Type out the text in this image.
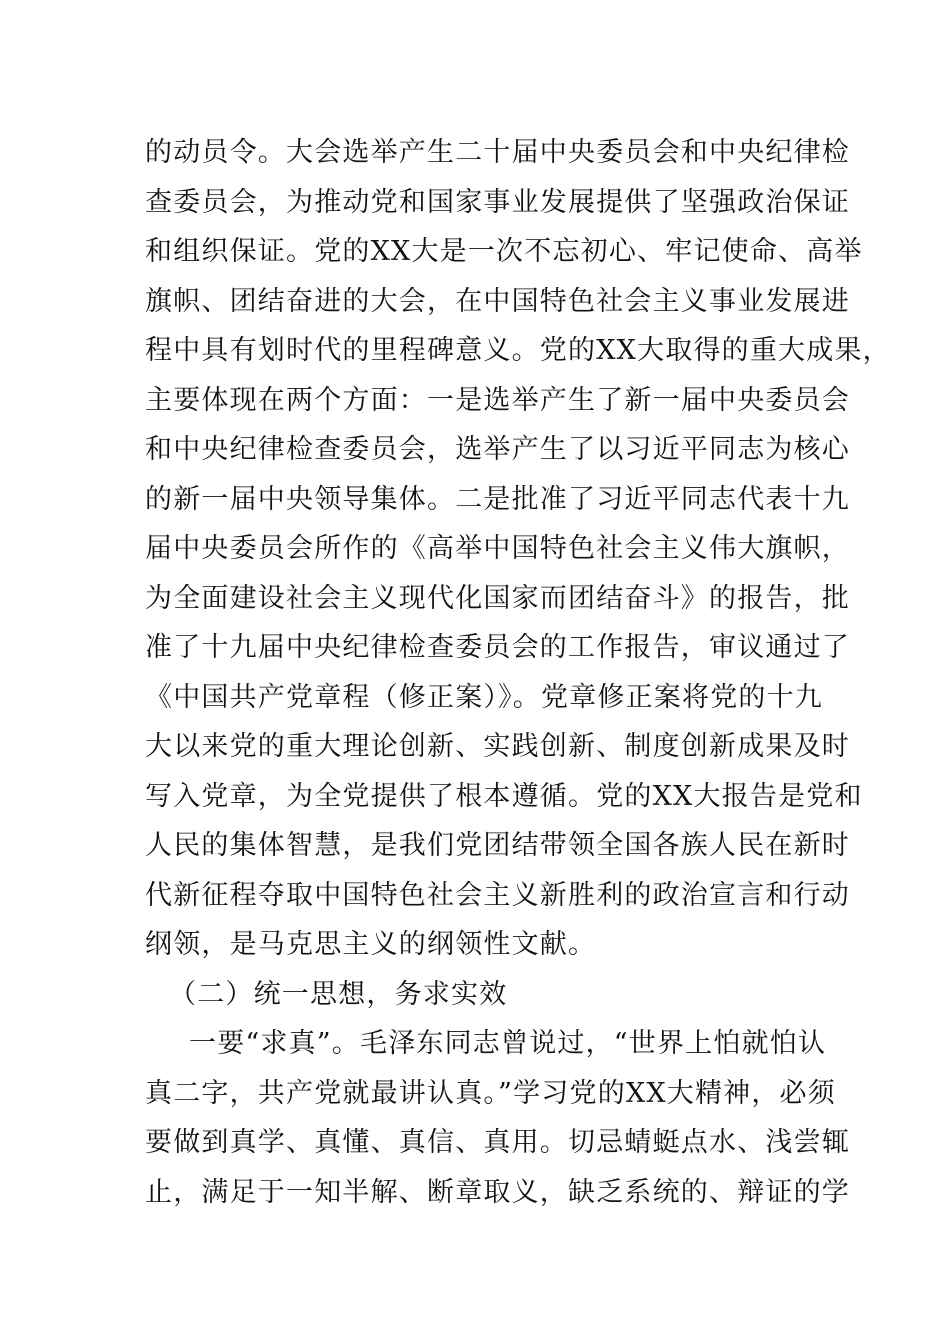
的动员令。大会选举产生二十届中央委员会和中央纪律检
查委员会，为推动党和国家事业发展提供了坚强政治保证
和组织保证。党的XX大是一次不忘初心、牢记使命、高举
旗帜、团结奋进的大会，在中国特色社会主义事业发展进
程中具有划时代的里程碑意义。党的XX大取得的重大成果，
主要体现在两个方面：一是选举产生了新一届中央委员会
和中央纪律检查委员会，选举产生了以习近平同志为核心
的新一届中央领导集体。二是批准了习近平同志代表十九
届中央委员会所作的《高举中国特色社会主义伟大旗帜，
为全面建设社会主义现代化国家而团结奋斗》的报告，批
准了十九届中央纪律检查委员会的工作报告，审议通过了
《中国共产党章程（修正案）》。党章修正案将党的十九
大以来党的重大理论创新、实践创新、制度创新成果及时
写入党章，为全党提供了根本遵循。党的XX大报告是党和
人民的集体智慧，是我们党团结带领全国各族人民在新时
代新征程夺取中国特色社会主义新胜利的政治宣言和行动
纲领，是马克思主义的纲领性文献。
（二）统一思想，务求实效
一要“求真”。毛泽东同志曾说过，“世界上怕就怕认
真二字，共产党就最讲认真。”学习党的XX大精神，必须
要做到真学、真懂、真信、真用。切忌蜻蜓点水、浅尝辄
止，满足于一知半解、断章取义，缺乏系统的、辩证的学
